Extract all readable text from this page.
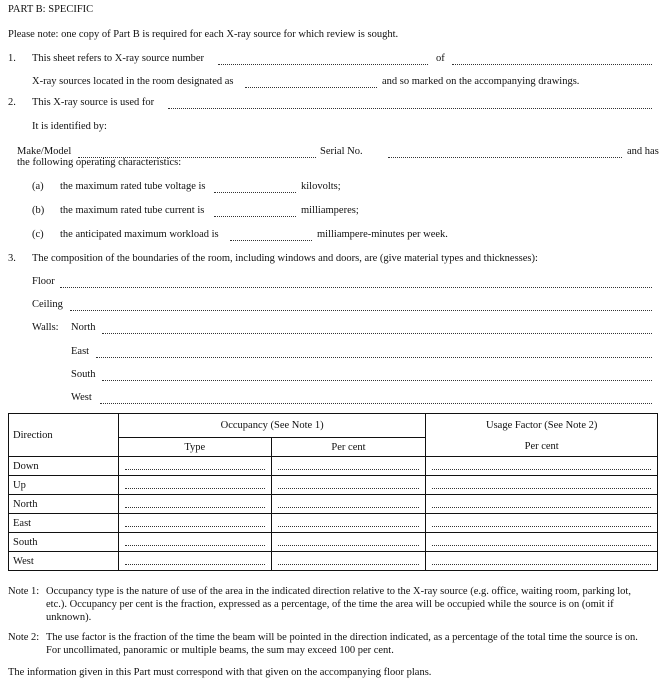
PART B: SPECIFIC
Please note: one copy of Part B is required for each X-ray source for which review is sought.
1. This sheet refers to X-ray source number	of
X-ray sources located in the room designated as	and so marked on the accompanying drawings.
2. This X-ray source is used for
It is identified by:
Make/Model	Serial No.	and has
the following operating characteristics:
(a) the maximum rated tube voltage is	kilovolts;
(b) the maximum rated tube current is	milliamperes;
(c) the anticipated maximum workload is	milliampere-minutes per week.
3. The composition of the boundaries of the room, including windows and doors, are (give material types and thicknesses):
Floor
Ceiling
Walls: North
East
South
West
Direction	Occupancy (See Note 1)		Usage Factor (See Note 2)
	Type	Per cent	Per cent
Down	

Up	

North	

East	

South	

West	

Note 1: Occupancy type is the nature of use of the area in the indicated direction relative to the X-ray source (e.g. office, waiting room, parking lot,
etc.). Occupancy per cent is the fraction, expressed as a percentage, of the time the area will be occupied while the source is on (omit if
unknown).
Note 2: The use factor is the fraction of the time the beam will be pointed in the direction indicated, as a percentage of the total time the source is on.
For uncollimated, panoramic or multiple beams, the sum may exceed 100 per cent.
The information given in this Part must correspond with that given on the accompanying floor plans.
